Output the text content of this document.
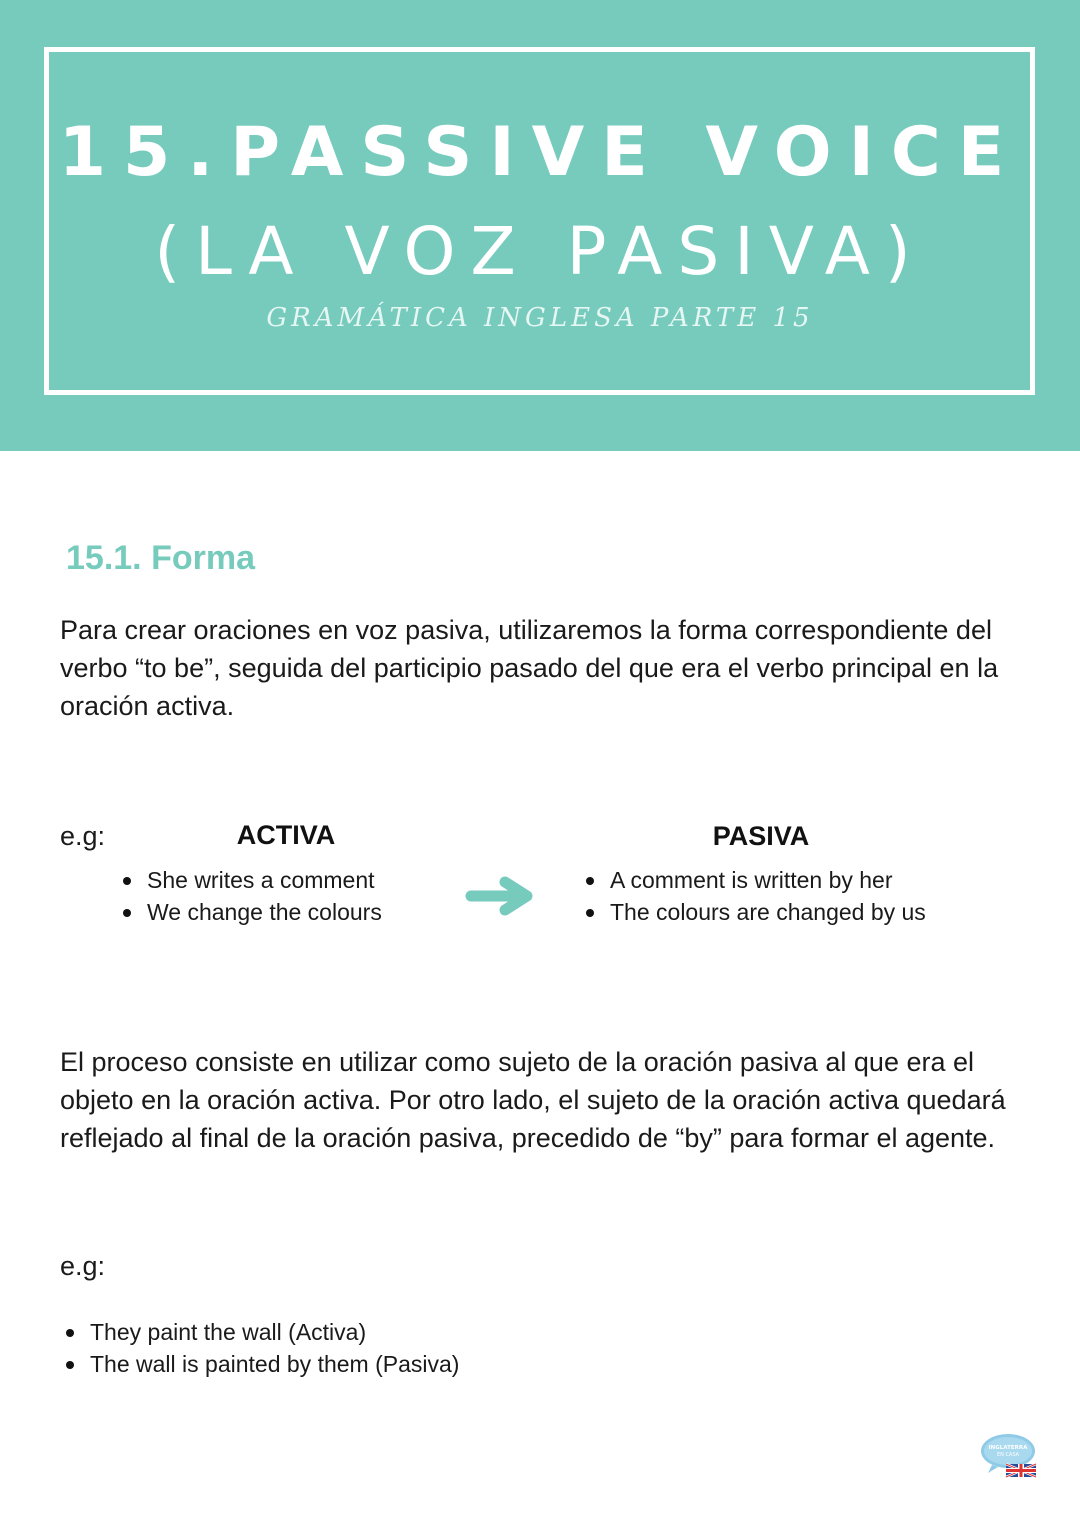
15.PASSIVE VOICE
(LA VOZ PASIVA)
GRAMÁTICA INGLESA PARTE 15
15.1. Forma
Para crear oraciones en voz pasiva, utilizaremos la forma correspondiente del verbo “to be”, seguida del participio pasado del que era el verbo principal en la oración activa.
e.g:	ACTIVA	PASIVA
She writes a comment
We change the colours
A comment is written by her
The colours are changed by us
El proceso consiste en utilizar como sujeto de la oración pasiva al que era el objeto en la oración activa. Por otro lado, el sujeto de la oración activa quedará reflejado al final de la oración pasiva, precedido de “by” para formar el agente.
e.g:
They paint the wall (Activa)
The wall is painted by them (Pasiva)
INGLATERRA
EN CASA
